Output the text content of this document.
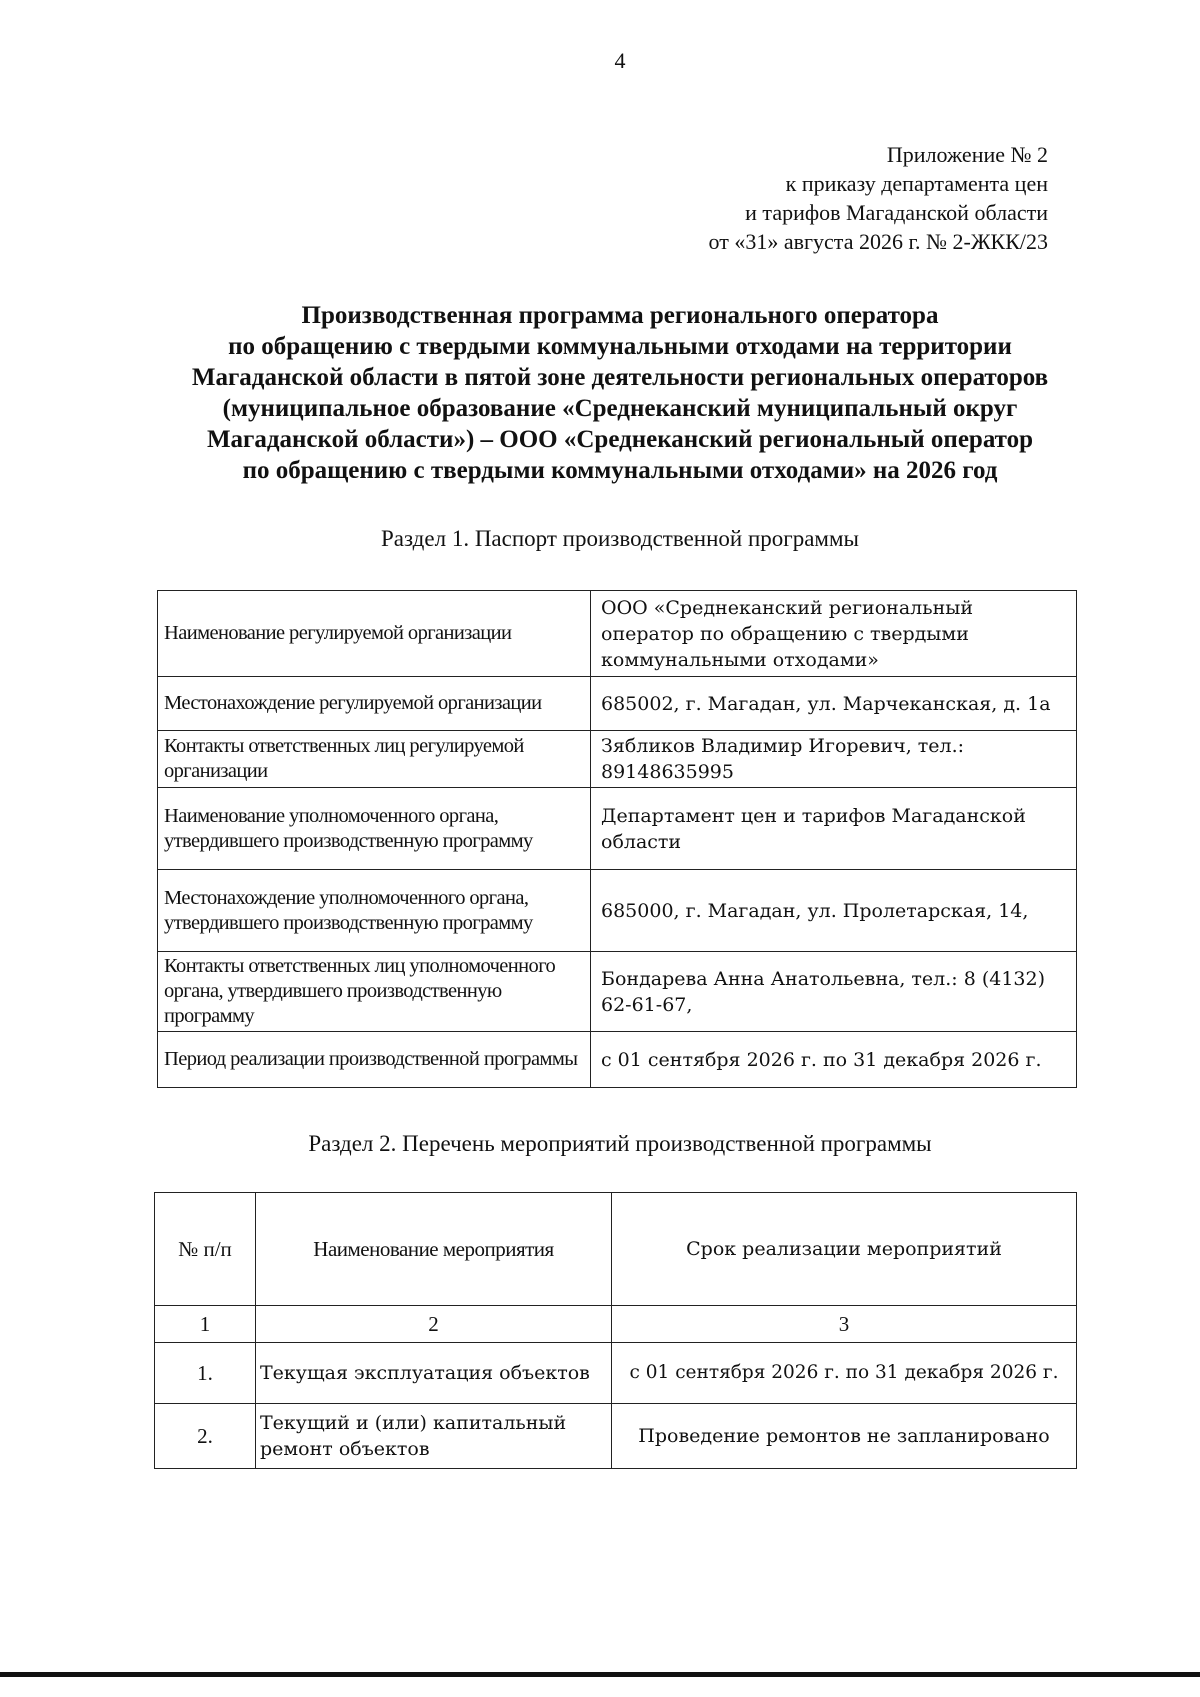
4
Приложение № 2
к приказу департамента цен
и тарифов Магаданской области
от «31» августа 2026 г. № 2-ЖКК/23
Производственная программа регионального оператора
по обращению с твердыми коммунальными отходами на территории
Магаданской области в пятой зоне деятельности региональных операторов
(муниципальное образование «Среднеканский муниципальный округ
Магаданской области») – ООО «Среднеканский региональный оператор
по обращению с твердыми коммунальными отходами» на 2026 год
Раздел 1. Паспорт производственной программы
Наименование регулируемой организации	ООО «Среднеканский региональный оператор по обращению с твердыми коммунальными отходами»
Местонахождение регулируемой организации	685002, г. Магадан, ул. Марчеканская, д. 1а
Контакты ответственных лиц регулируемой организации	Зябликов Владимир Игоревич, тел.: 89148635995
Наименование уполномоченного органа, утвердившего производственную программу	Департамент цен и тарифов Магаданской области
Местонахождение уполномоченного органа, утвердившего производственную программу	685000, г. Магадан, ул. Пролетарская, 14,
Контакты ответственных лиц уполномоченного органа, утвердившего производственную программу	Бондарева Анна Анатольевна, тел.: 8 (4132) 62-61-67,
Период реализации производственной программы	с 01 сентября 2026 г. по 31 декабря 2026 г.
Раздел 2. Перечень мероприятий производственной программы
№ п/п	Наименование мероприятия	Срок реализации мероприятий
1	2	3
1.	Текущая эксплуатация объектов	с 01 сентября 2026 г. по 31 декабря 2026 г.
2.	Текущий и (или) капитальный ремонт объектов	Проведение ремонтов не запланировано
